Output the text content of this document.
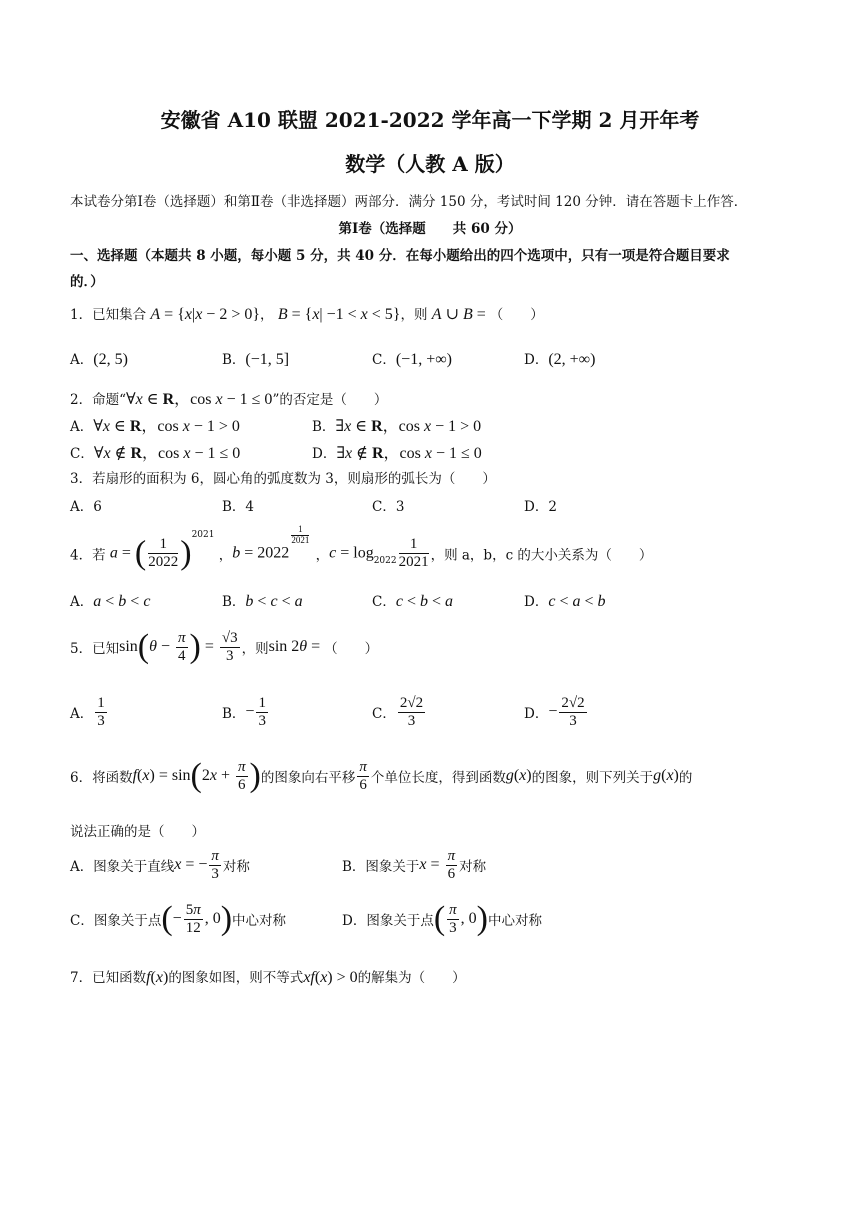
安徽省 A10 联盟 2021-2022 学年高一下学期 2 月开年考
数学（人教 A 版）
本试卷分第Ⅰ卷（选择题）和第Ⅱ卷（非选择题）两部分．满分 150 分，考试时间 120 分钟．请在答题卡上作答．
第Ⅰ卷（选择题　　共 60 分）
一、选择题（本题共 8 小题，每小题 5 分，共 40 分．在每小题给出的四个选项中，只有一项是符合题目要求
的．）
1．已知集合 A = {x|x − 2 > 0}， B = {x| −1 < x < 5}，则 A ∪ B = （　　）
A．(2, 5)	B．(−1, 5]	C．(−1, +∞)	D．(2, +∞)
2．命题“∀x ∈ R，cos x − 1 ≤ 0”的否定是（　　）
A．∀x ∈ R，cos x − 1 > 0	B．∃x ∈ R，cos x − 1 > 0
C．∀x ∉ R，cos x − 1 ≤ 0	D．∃x ∉ R，cos x − 1 ≤ 0
3．若扇形的面积为 6，圆心角的弧度数为 3，则扇形的弧长为（　　）
A．6	B．4	C．3	D．2
4．若 a = ( $\frac{1}{2022} )^{2021}$ ，b = 2022
$\frac{1}{2021}$
，$c = \log_{2022} \frac{1}{2021}$ ，则 a，b，c 的大小关系为（　　）
A．a < b < c	B．b < c < a	C．c < b < a	D．c < a < b
5．已知$\sin(\theta - \frac{\pi}{4}$ ) = $\frac{√3}{3}$ ，则sin 2θ = （　　）
A． $\frac{1}{3}$	B．− $\frac{1}{3}$	C． $\frac{2√2}{3}$	D．− $\frac{2√2}{3}$
6．将函数$f(x) = \sin(2x + \frac{\pi}{6}$ )的图象向右平移 $\frac{\pi}{6}$ 个单位长度，得到函数g(x)的图象，则下列关于g(x)的
说法正确的是（　　）
A．图象关于直线x = − $\frac{\pi}{3}$ 对称	B．图象关于$x = \frac{\pi}{6}$ 对称
C．图象关于点(− $\frac{5\pi}{12}$ , 0)中心对称	D．图象关于点( $\frac{\pi}{3}$ , 0)中心对称
7．已知函数f(x)的图象如图，则不等式xf(x) > 0的解集为（　　）
